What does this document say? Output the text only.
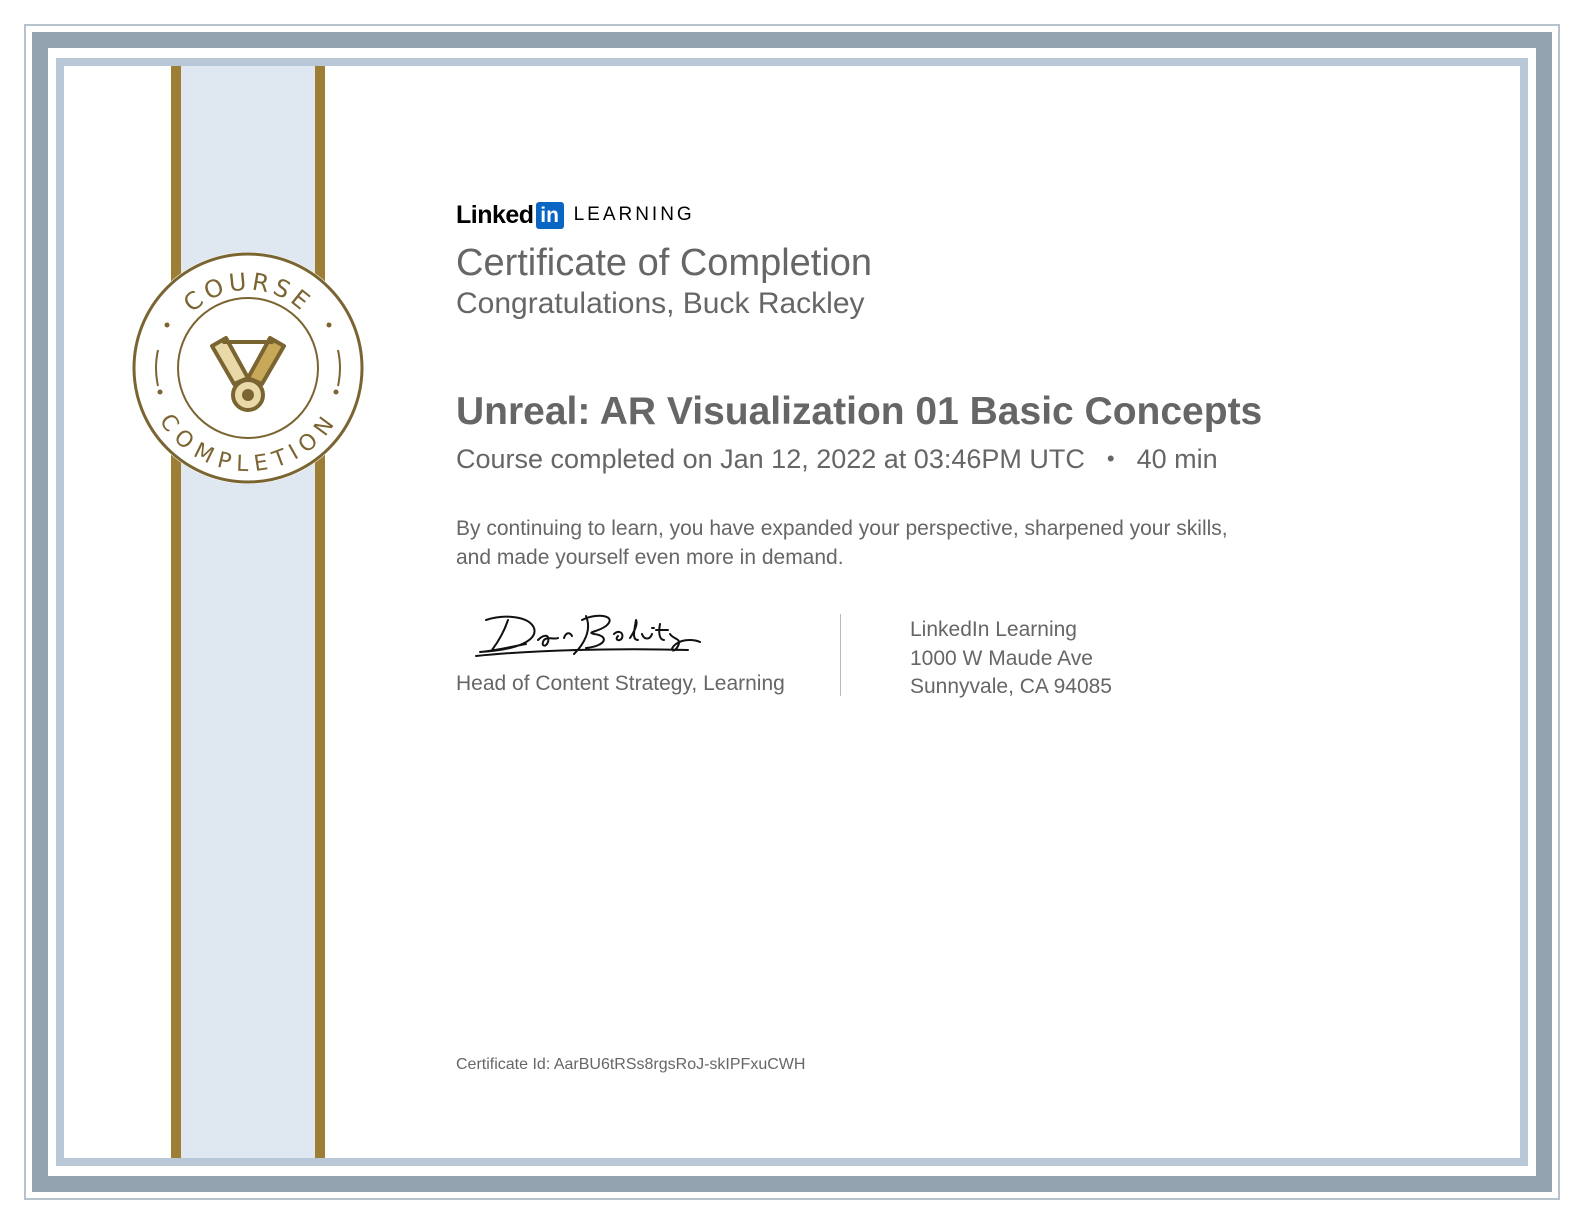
COURSE
COMPLETION
Linked in LEARNING
Certificate of Completion
Congratulations, Buck Rackley
Unreal: AR Visualization 01 Basic Concepts
Course completed on Jan 12, 2022 at 03:46PM UTC • 40 min
By continuing to learn, you have expanded your perspective, sharpened your skills, and made yourself even more in demand.
Head of Content Strategy, Learning
LinkedIn Learning
1000 W Maude Ave
Sunnyvale, CA 94085
Certificate Id: AarBU6tRSs8rgsRoJ-skIPFxuCWH
